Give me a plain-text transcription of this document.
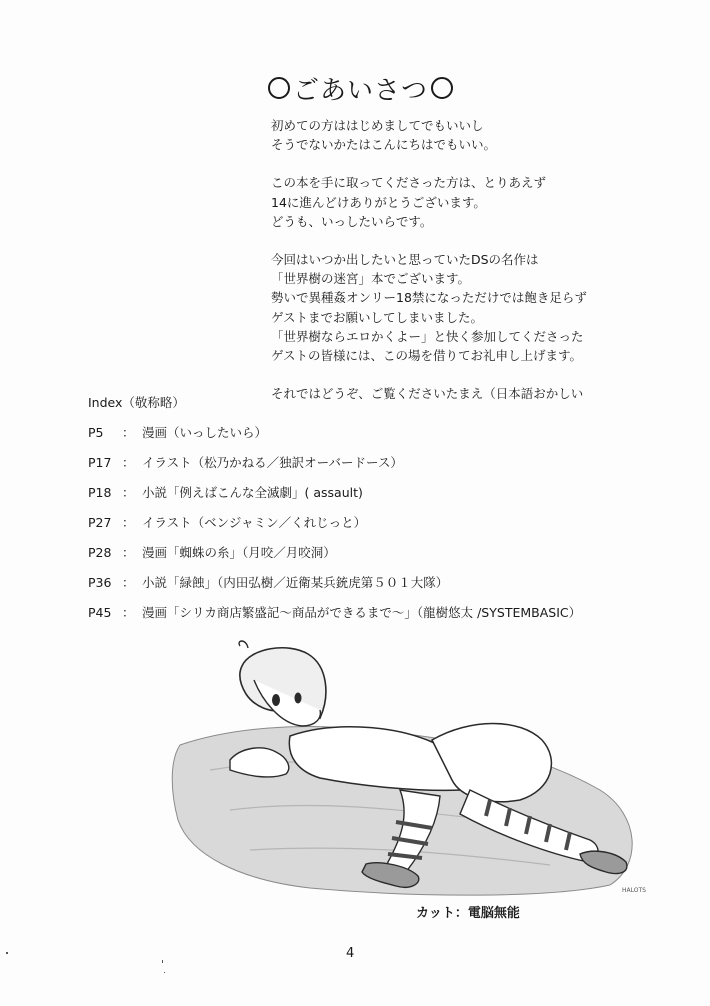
ごあいさつ
初めての方ははじめましてでもいいし
そうでないかたはこんにちはでもいい。
この本を手に取ってくださった方は、とりあえず
14に進んどけありがとうございます。
どうも、いっしたいらです。
今回はいつか出したいと思っていたDSの名作は
「世界樹の迷宮」本でございます。
勢いで異種姦オンリー18禁になっただけでは飽き足らず
ゲストまでお願いしてしまいました。
「世界樹ならエロかくよー」と快く参加してくださった
ゲストの皆様には、この場を借りてお礼申し上げます。
それではどうぞ、ご覧くださいたまえ（日本語おかしい
Index（敬称略）
P5	： 漫画（いっしたいら）
P17 ： イラスト（松乃かねる／独訳オーバードース）
P18 ： 小説「例えばこんな全滅劇」( assault)
P27 ： イラスト（ベンジャミン／くれじっと）
P28 ： 漫画「蜘蛛の糸」（月咬／月咬洞）
P36 ： 小説「緑蝕」（内田弘樹／近衛某兵銃虎第５０１大隊）
P45 ： 漫画「シリカ商店繁盛記～商品ができるまで～」（龍樹悠太 /SYSTEMBASIC）
HALOTS
カット：電脳無能
4
